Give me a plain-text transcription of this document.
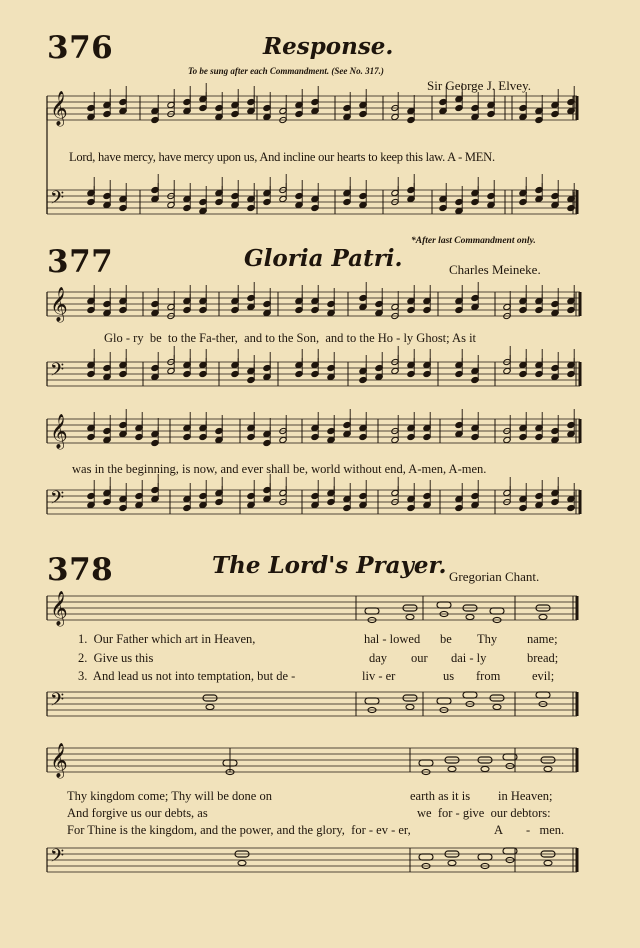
376	Response.
To be sung after each Commandment. (See No. 317.)
Sir George J. Elvey.
Lord, have mercy, have mercy upon us, And incline our hearts to keep this law. A - MEN.
*After last Commandment only.
377	Gloria Patri.	Charles Meineke.
Glo - ry  be  to the Fa-ther,  and to the Son,  and to the Ho - ly Ghost; As it
was in the beginning, is now, and ever shall be, world without end, A-men, A-men.
378	The Lord's Prayer. Gregorian Chant.
1.  Our Father which art in Heaven,	hal - lowed be Thy name;
2.  Give us this	day our dai - ly	bread;
3.  And lead us not into temptation, but de -	liv - er	us from	evil;
Thy kingdom come; Thy will be done on	earth as it is in Heaven;
And forgive us our debts, as	we  for - give  our debtors:
For Thine is the kingdom, and the power, and the glory,  for - ev - er,	A -   men.
𝄞
𝄢
𝄞
𝄢
𝄞
𝄢
𝄞
𝄢
𝄞
𝄢
